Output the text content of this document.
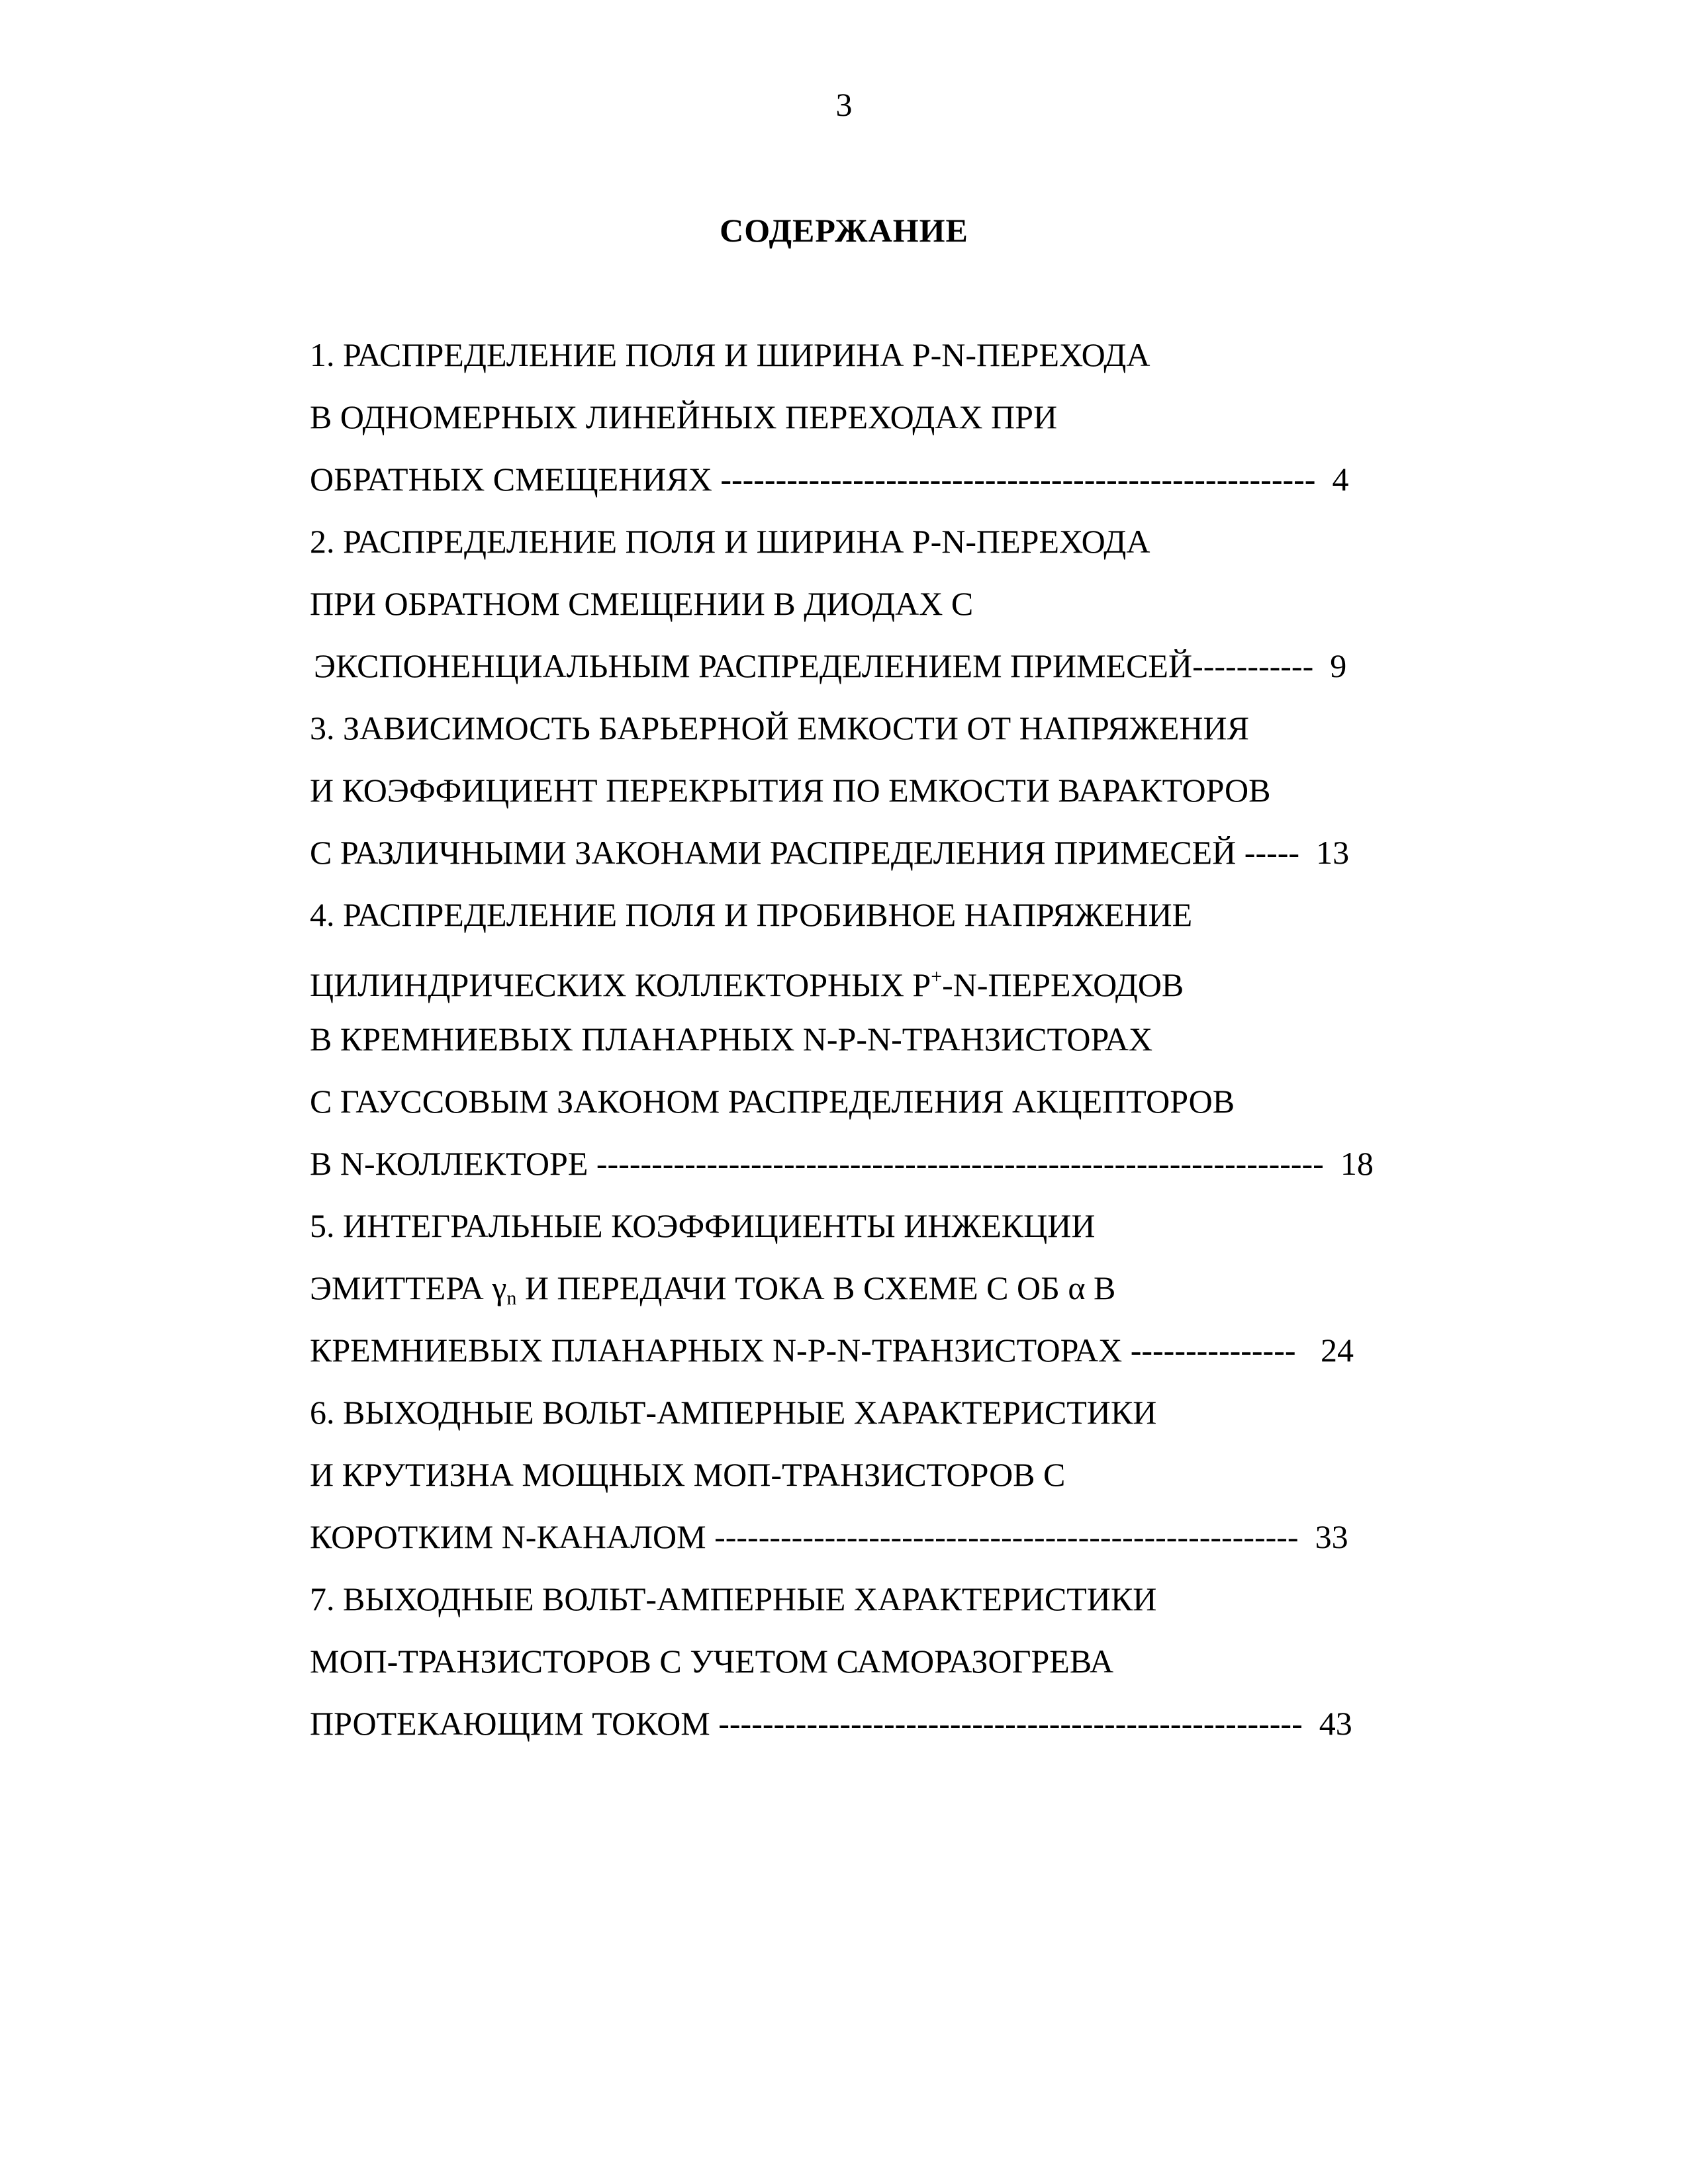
3
СОДЕРЖАНИЕ
1. РАСПРЕДЕЛЕНИЕ ПОЛЯ И ШИРИНА P-N-ПЕРЕХОДА
В ОДНОМЕРНЫХ ЛИНЕЙНЫХ ПЕРЕХОДАХ ПРИ
ОБРАТНЫХ СМЕЩЕНИЯХ ------------------------------------------------------ 4
2. РАСПРЕДЕЛЕНИЕ ПОЛЯ И ШИРИНА P-N-ПЕРЕХОДА
ПРИ ОБРАТНОМ СМЕЩЕНИИ В ДИОДАХ С
ЭКСПОНЕНЦИАЛЬНЫМ РАСПРЕДЕЛЕНИЕМ ПРИМЕСЕЙ----------- 9
3. ЗАВИСИМОСТЬ БАРЬЕРНОЙ ЕМКОСТИ ОТ НАПРЯЖЕНИЯ
И КОЭФФИЦИЕНТ ПЕРЕКРЫТИЯ ПО ЕМКОСТИ ВАРАКТОРОВ
С РАЗЛИЧНЫМИ ЗАКОНАМИ РАСПРЕДЕЛЕНИЯ ПРИМЕСЕЙ ----- 13
4. РАСПРЕДЕЛЕНИЕ ПОЛЯ И ПРОБИВНОЕ НАПРЯЖЕНИЕ
ЦИЛИНДРИЧЕСКИХ КОЛЛЕКТОРНЫХ P+-N-ПЕРЕХОДОВ
В КРЕМНИЕВЫХ ПЛАНАРНЫХ N-P-N-ТРАНЗИСТОРАХ
С ГАУССОВЫМ ЗАКОНОМ РАСПРЕДЕЛЕНИЯ АКЦЕПТОРОВ
В N-КОЛЛЕКТОРЕ ------------------------------------------------------------------ 18
5. ИНТЕГРАЛЬНЫЕ КОЭФФИЦИЕНТЫ ИНЖЕКЦИИ
ЭМИТТЕРА $\gamma_n$ И ПЕРЕДАЧИ ТОКА В СХЕМЕ С ОБ α В
КРЕМНИЕВЫХ ПЛАНАРНЫХ N-P-N-ТРАНЗИСТОРАХ --------------- 24
6. ВЫХОДНЫЕ ВОЛЬТ-АМПЕРНЫЕ ХАРАКТЕРИСТИКИ
И КРУТИЗНА МОЩНЫХ МОП-ТРАНЗИСТОРОВ С
КОРОТКИМ N-КАНАЛОМ ----------------------------------------------------- 33
7. ВЫХОДНЫЕ ВОЛЬТ-АМПЕРНЫЕ ХАРАКТЕРИСТИКИ
МОП-ТРАНЗИСТОРОВ С УЧЕТОМ САМОРАЗОГРЕВА
ПРОТЕКАЮЩИМ ТОКОМ ----------------------------------------------------- 43
